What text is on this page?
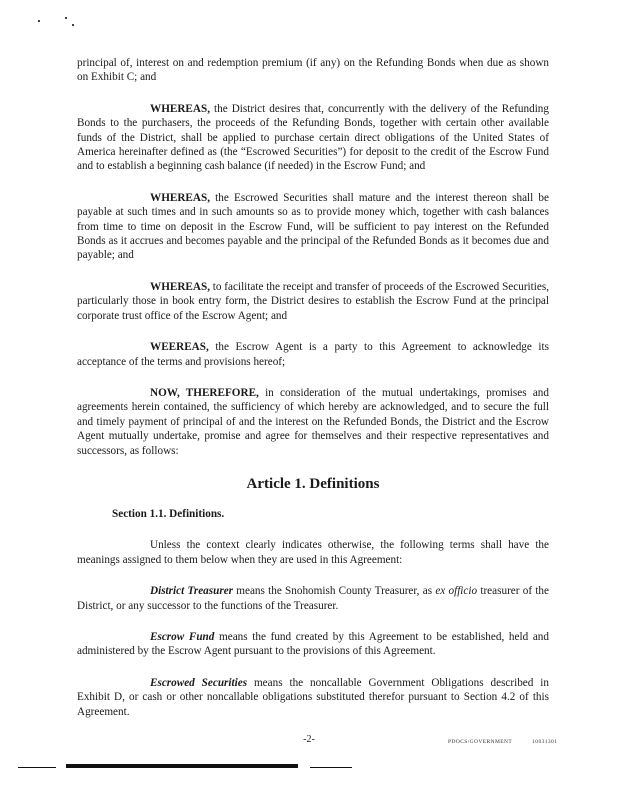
principal of, interest on and redemption premium (if any) on the Refunding Bonds when due as shown on Exhibit C; and

WHEREAS, the District desires that, concurrently with the delivery of the Refunding Bonds to the purchasers, the proceeds of the Refunding Bonds, together with certain other available funds of the District, shall be applied to purchase certain direct obligations of the United States of America hereinafter defined as (the “Escrowed Securities”) for deposit to the credit of the Escrow Fund and to establish a beginning cash balance (if needed) in the Escrow Fund; and

WHEREAS, the Escrowed Securities shall mature and the interest thereon shall be payable at such times and in such amounts so as to provide money which, together with cash balances from time to time on deposit in the Escrow Fund, will be sufficient to pay interest on the Refunded Bonds as it accrues and becomes payable and the principal of the Refunded Bonds as it becomes due and payable; and

WHEREAS, to facilitate the receipt and transfer of proceeds of the Escrowed Securities, particularly those in book entry form, the District desires to establish the Escrow Fund at the principal corporate trust office of the Escrow Agent; and

WEEREAS, the Escrow Agent is a party to this Agreement to acknowledge its acceptance of the terms and provisions hereof;

NOW, THEREFORE, in consideration of the mutual undertakings, promises and agreements herein contained, the sufficiency of which hereby are acknowledged, and to secure the full and timely payment of principal of and the interest on the Refunded Bonds, the District and the Escrow Agent mutually undertake, promise and agree for themselves and their respective representatives and successors, as follows:

Article 1. Definitions

Section 1.1. Definitions.

Unless the context clearly indicates otherwise, the following terms shall have the meanings assigned to them below when they are used in this Agreement:

District Treasurer means the Snohomish County Treasurer, as ex officio treasurer of the District, or any successor to the functions of the Treasurer.

Escrow Fund means the fund created by this Agreement to be established, held and administered by the Escrow Agent pursuant to the provisions of this Agreement.

Escrowed Securities means the noncallable Government Obligations described in Exhibit D, or cash or other noncallable obligations substituted therefor pursuant to Section 4.2 of this Agreement.

-2-	PDOCS/GOVERNMENT	10031301
